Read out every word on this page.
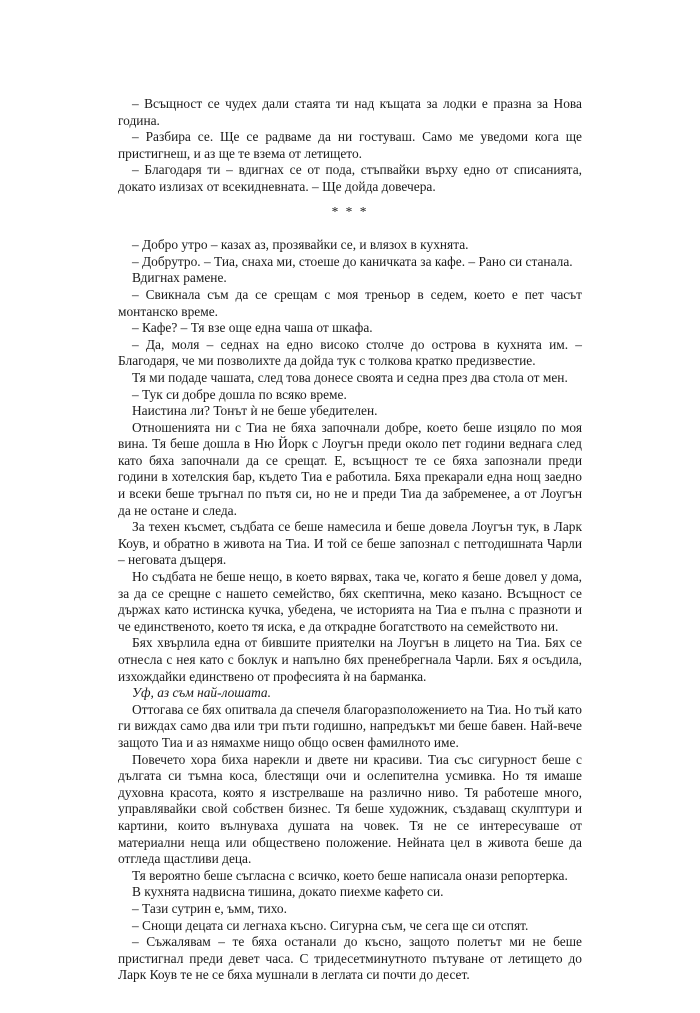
– Всъщност се чудех дали стаята ти над къщата за лодки е празна за Нова година.

– Разбира се. Ще се радваме да ни гостуваш. Само ме уведоми кога ще пристигнеш, и аз ще те взема от летището.

– Благодаря ти – вдигнах се от пода, стъпвайки върху едно от списанията, докато излизах от всекидневната. – Ще дойда довечера.

* * *

– Добро утро – казах аз, прозявайки се, и влязох в кухнята.

– Добрутро. – Тиа, снаха ми, стоеше до каничката за кафе. – Рано си станала.

Вдигнах рамене.

– Свикнала съм да се срещам с моя треньор в седем, което е пет часът монтанско време.

– Кафе? – Тя взе още една чаша от шкафа.

– Да, моля – седнах на едно високо столче до острова в кухнята им. – Благодаря, че ми позволихте да дойда тук с толкова кратко предизвестие.

Тя ми подаде чашата, след това донесе своята и седна през два стола от мен.

– Тук си добре дошла по всяко време.

Наистина ли? Тонът ѝ не беше убедителен.

Отношенията ни с Тиа не бяха започнали добре, което беше изцяло по моя вина. Тя беше дошла в Ню Йорк с Лоугън преди около пет години веднага след като бяха започнали да се срещат. Е, всъщност те се бяха запознали преди години в хотелския бар, където Тиа е работила. Бяха прекарали една нощ заедно и всеки беше тръгнал по пътя си, но не и преди Тиа да забременее, а от Лоугън да не остане и следа.

За техен късмет, съдбата се беше намесила и беше довела Лоугън тук, в Ларк Коув, и обратно в живота на Тиа. И той се беше запознал с петгодишната Чарли – неговата дъщеря.

Но съдбата не беше нещо, в което вярвах, така че, когато я беше довел у дома, за да се срещне с нашето семейство, бях скептична, меко казано. Всъщност се държах като истинска кучка, убедена, че историята на Тиа е пълна с празноти и че единственото, което тя иска, е да открадне богатството на семейството ни.

Бях хвърлила една от бившите приятелки на Лоугън в лицето на Тиа. Бях се отнесла с нея като с боклук и напълно бях пренебрегнала Чарли. Бях я осъдила, изхождайки единствено от професията ѝ на барманка.

Уф, аз съм най-лошата.

Оттогава се бях опитвала да спечеля благоразположението на Тиа. Но тъй като ги виждах само два или три пъти годишно, напредъкът ми беше бавен. Най-вече защото Тиа и аз нямахме нищо общо освен фамилното име.

Повечето хора биха нарекли и двете ни красиви. Тиа със сигурност беше с дългата си тъмна коса, блестящи очи и ослепителна усмивка. Но тя имаше духовна красота, която я изстрелваше на различно ниво. Тя работеше много, управлявайки свой собствен бизнес. Тя беше художник, създаващ скулптури и картини, които вълнуваха душата на човек. Тя не се интересуваше от материални неща или обществено положение. Нейната цел в живота беше да отгледа щастливи деца.

Тя вероятно беше съгласна с всичко, което беше написала онази репортерка.

В кухнята надвисна тишина, докато пиехме кафето си.

– Тази сутрин е, ъмм, тихо.

– Снощи децата си легнаха късно. Сигурна съм, че сега ще си отспят.

– Съжалявам – те бяха останали до късно, защото полетът ми не беше пристигнал преди девет часа. С тридесетминутното пътуване от летището до Ларк Коув те не се бяха мушнали в леглата си почти до десет.
